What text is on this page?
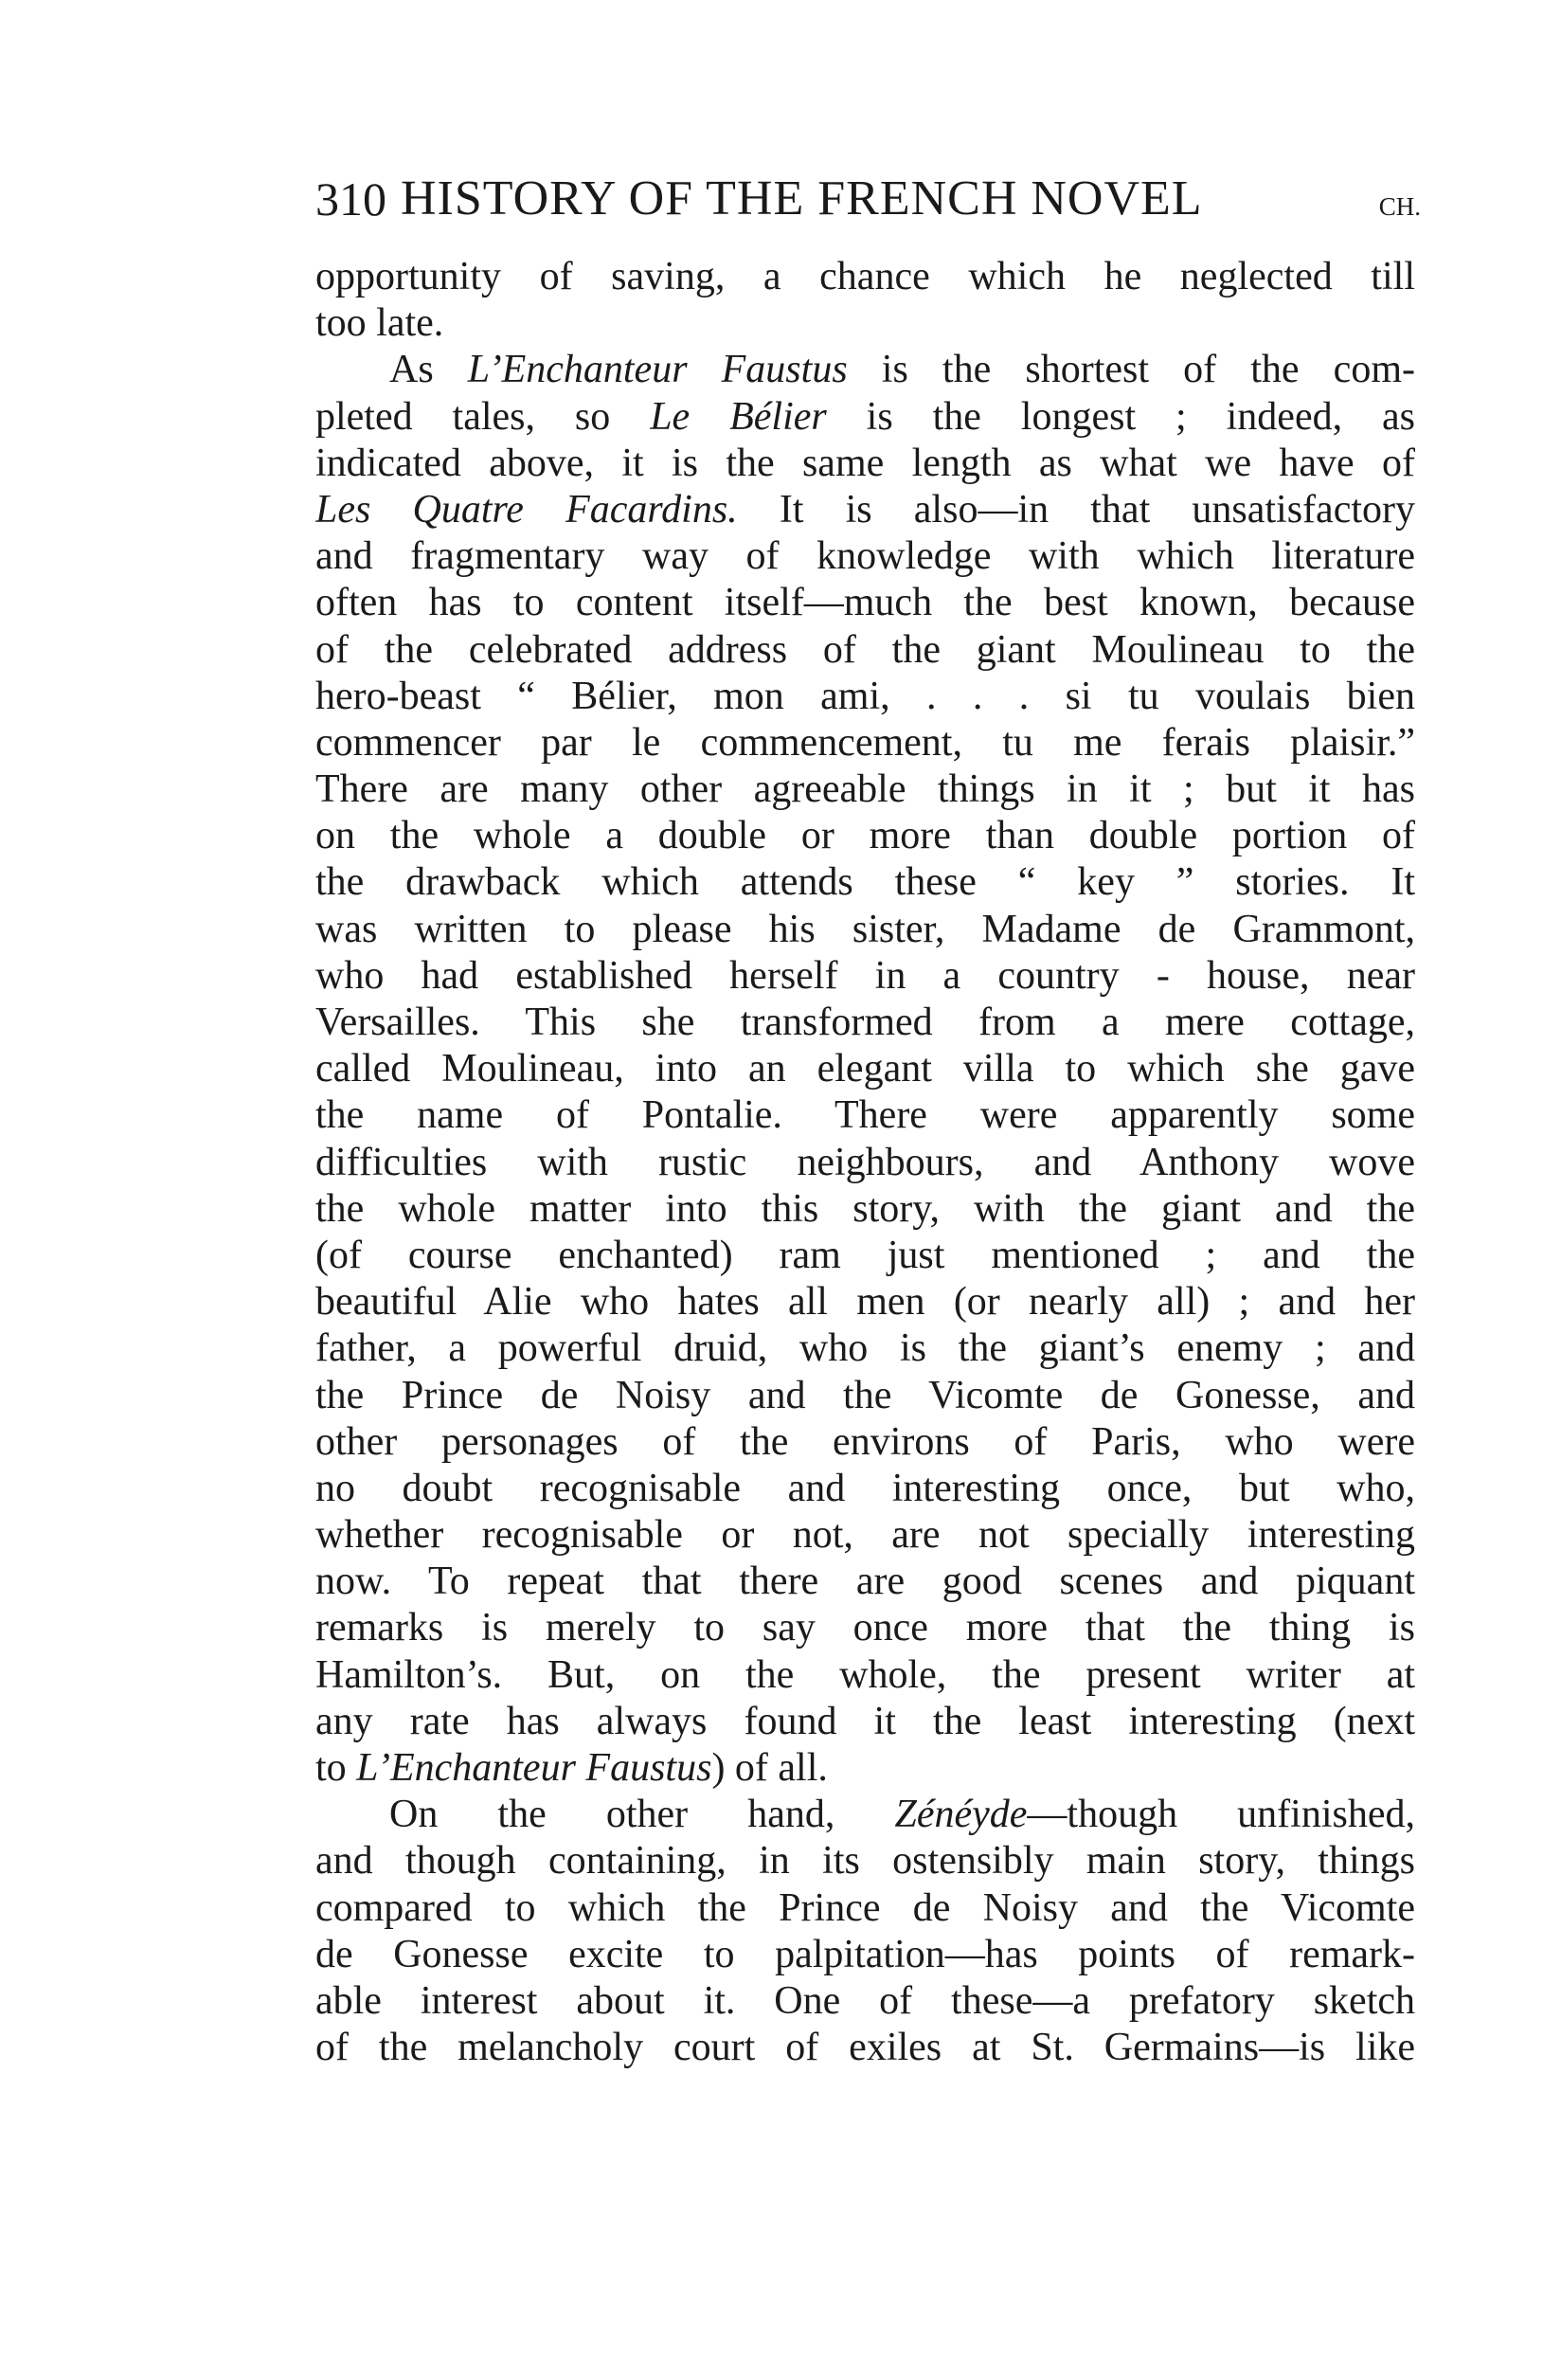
310 HISTORY OF THE FRENCH NOVEL	CH.
opportunity of saving, a chance which he neglected till
too late.
As L’Enchanteur Faustus is the shortest of the com-
pleted tales, so Le Bélier is the longest ; indeed, as
indicated above, it is the same length as what we have of
Les Quatre Facardins. It is also—in that unsatisfactory
and fragmentary way of knowledge with which literature
often has to content itself—much the best known, because
of the celebrated address of the giant Moulineau to the
hero-beast “ Bélier, mon ami, . . . si tu voulais bien
commencer par le commencement, tu me ferais plaisir.”
There are many other agreeable things in it ; but it has
on the whole a double or more than double portion of
the drawback which attends these “ key ” stories. It
was written to please his sister, Madame de Grammont,
who had established herself in a country - house, near
Versailles. This she transformed from a mere cottage,
called Moulineau, into an elegant villa to which she gave
the name of Pontalie. There were apparently some
difficulties with rustic neighbours, and Anthony wove
the whole matter into this story, with the giant and the
(of course enchanted) ram just mentioned ; and the
beautiful Alie who hates all men (or nearly all) ; and her
father, a powerful druid, who is the giant’s enemy ; and
the Prince de Noisy and the Vicomte de Gonesse, and
other personages of the environs of Paris, who were
no doubt recognisable and interesting once, but who,
whether recognisable or not, are not specially interesting
now. To repeat that there are good scenes and piquant
remarks is merely to say once more that the thing is
Hamilton’s. But, on the whole, the present writer at
any rate has always found it the least interesting (next
to L’Enchanteur Faustus) of all.
On the other hand, Zénéyde—though unfinished,
and though containing, in its ostensibly main story, things
compared to which the Prince de Noisy and the Vicomte
de Gonesse excite to palpitation—has points of remark-
able interest about it. One of these—a prefatory sketch
of the melancholy court of exiles at St. Germains—is like
